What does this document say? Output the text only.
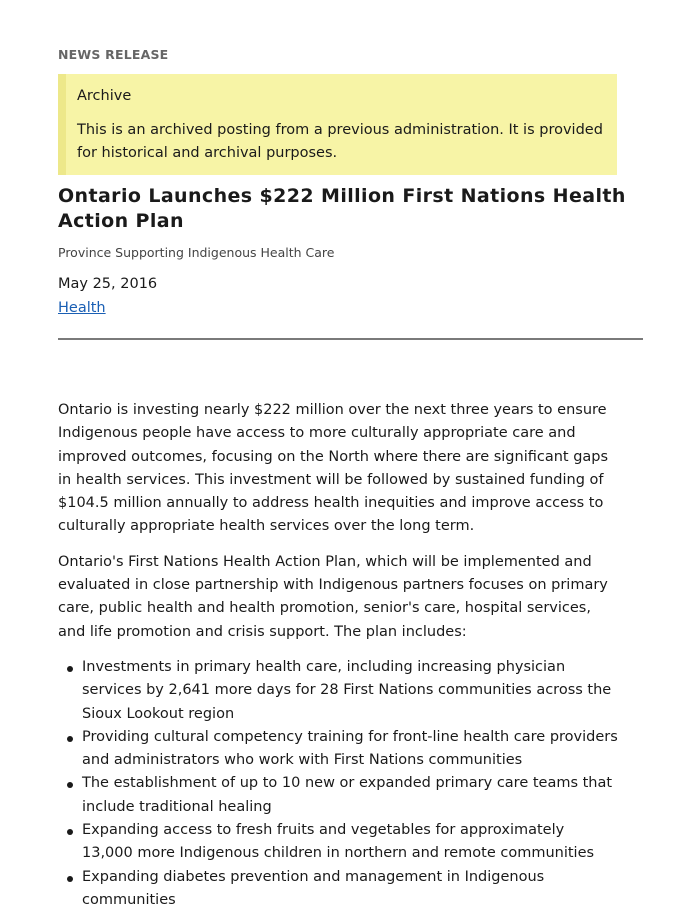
NEWS RELEASE
Archive
This is an archived posting from a previous administration. It is provided for historical and archival purposes.
Ontario Launches $222 Million First Nations Health Action Plan
Province Supporting Indigenous Health Care
May 25, 2016
Health

Ontario is investing nearly $222 million over the next three years to ensure Indigenous people have access to more culturally appropriate care and improved outcomes, focusing on the North where there are significant gaps in health services. This investment will be followed by sustained funding of $104.5 million annually to address health inequities and improve access to culturally appropriate health services over the long term.

Ontario's First Nations Health Action Plan, which will be implemented and evaluated in close partnership with Indigenous partners focuses on primary care, public health and health promotion, senior's care, hospital services, and life promotion and crisis support. The plan includes:

Investments in primary health care, including increasing physician services by 2,641 more days for 28 First Nations communities across the Sioux Lookout region
Providing cultural competency training for front-line health care providers and administrators who work with First Nations communities
The establishment of up to 10 new or expanded primary care teams that include traditional healing
Expanding access to fresh fruits and vegetables for approximately 13,000 more Indigenous children in northern and remote communities
Expanding diabetes prevention and management in Indigenous communities
